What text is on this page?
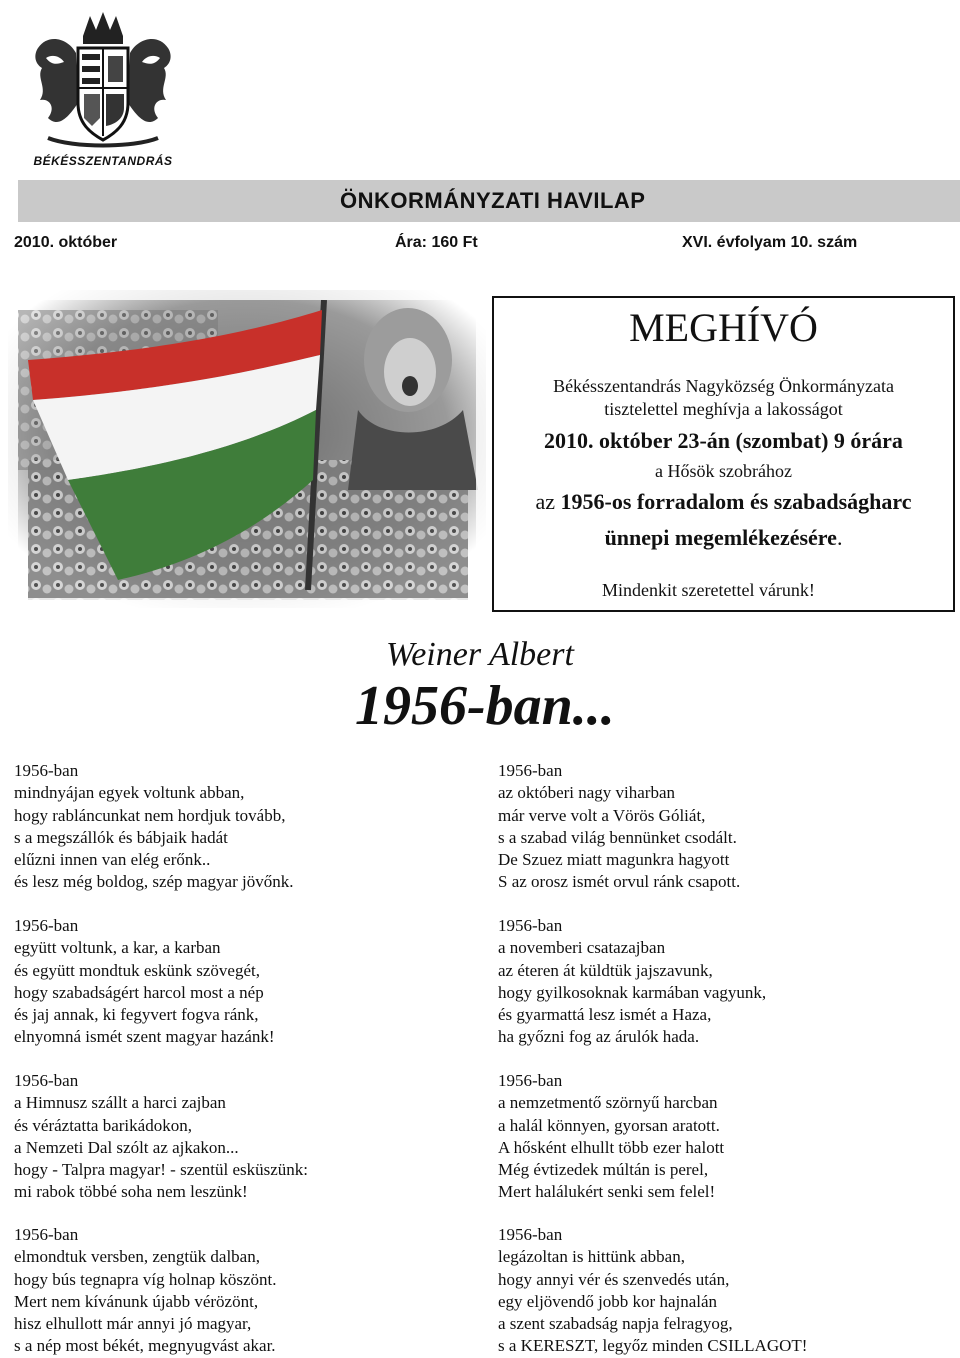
BÉKÉSSZENTANDRÁS
ÖNKORMÁNYZATI HAVILAP
2010. október	Ára: 160 Ft	XVI. évfolyam 10. szám
MEGHÍVÓ
Békésszentandrás Nagyközség Önkormányzata
tisztelettel meghívja a lakosságot
2010. október 23-án (szombat) 9 órára
a Hősök szobrához
az 1956-os forradalom és szabadságharc
ünnepi megemlékezésére.
Mindenkit szeretettel várunk!
Weiner Albert
1956-ban...
1956-ban
mindnyájan egyek voltunk abban,
hogy rabláncunkat nem hordjuk tovább,
s a megszállók és bábjaik hadát
elűzni innen van elég erőnk..
és lesz még boldog, szép magyar jövőnk.
1956-ban
együtt voltunk, a kar, a karban
és együtt mondtuk eskünk szövegét,
hogy szabadságért harcol most a nép
és jaj annak, ki fegyvert fogva ránk,
elnyomná ismét szent magyar hazánk!
1956-ban
a Himnusz szállt a harci zajban
és véráztatta barikádokon,
a Nemzeti Dal szólt az ajkakon...
hogy - Talpra magyar! - szentül esküszünk:
mi rabok többé soha nem leszünk!
1956-ban
elmondtuk versben, zengtük dalban,
hogy bús tegnapra víg holnap köszönt.
Mert nem kívánunk újabb vérözönt,
hisz elhullott már annyi jó magyar,
s a nép most békét, megnyugvást akar.
1956-ban
az októberi nagy viharban
már verve volt a Vörös Góliát,
s a szabad világ bennünket csodált.
De Szuez miatt magunkra hagyott
S az orosz ismét orvul ránk csapott.
1956-ban
a novemberi csatazajban
az éteren át küldtük jajszavunk,
hogy gyilkosoknak karmában vagyunk,
és gyarmattá lesz ismét a Haza,
ha győzni fog az árulók hada.
1956-ban
a nemzetmentő szörnyű harcban
a halál könnyen, gyorsan aratott.
A hősként elhullt több ezer halott
Még évtizedek múltán is perel,
Mert halálukért senki sem felel!
1956-ban
legázoltan is hittünk abban,
hogy annyi vér és szenvedés után,
egy eljövendő jobb kor hajnalán
a szent szabadság napja felragyog,
s a KERESZT, legyőz minden CSILLAGOT!
